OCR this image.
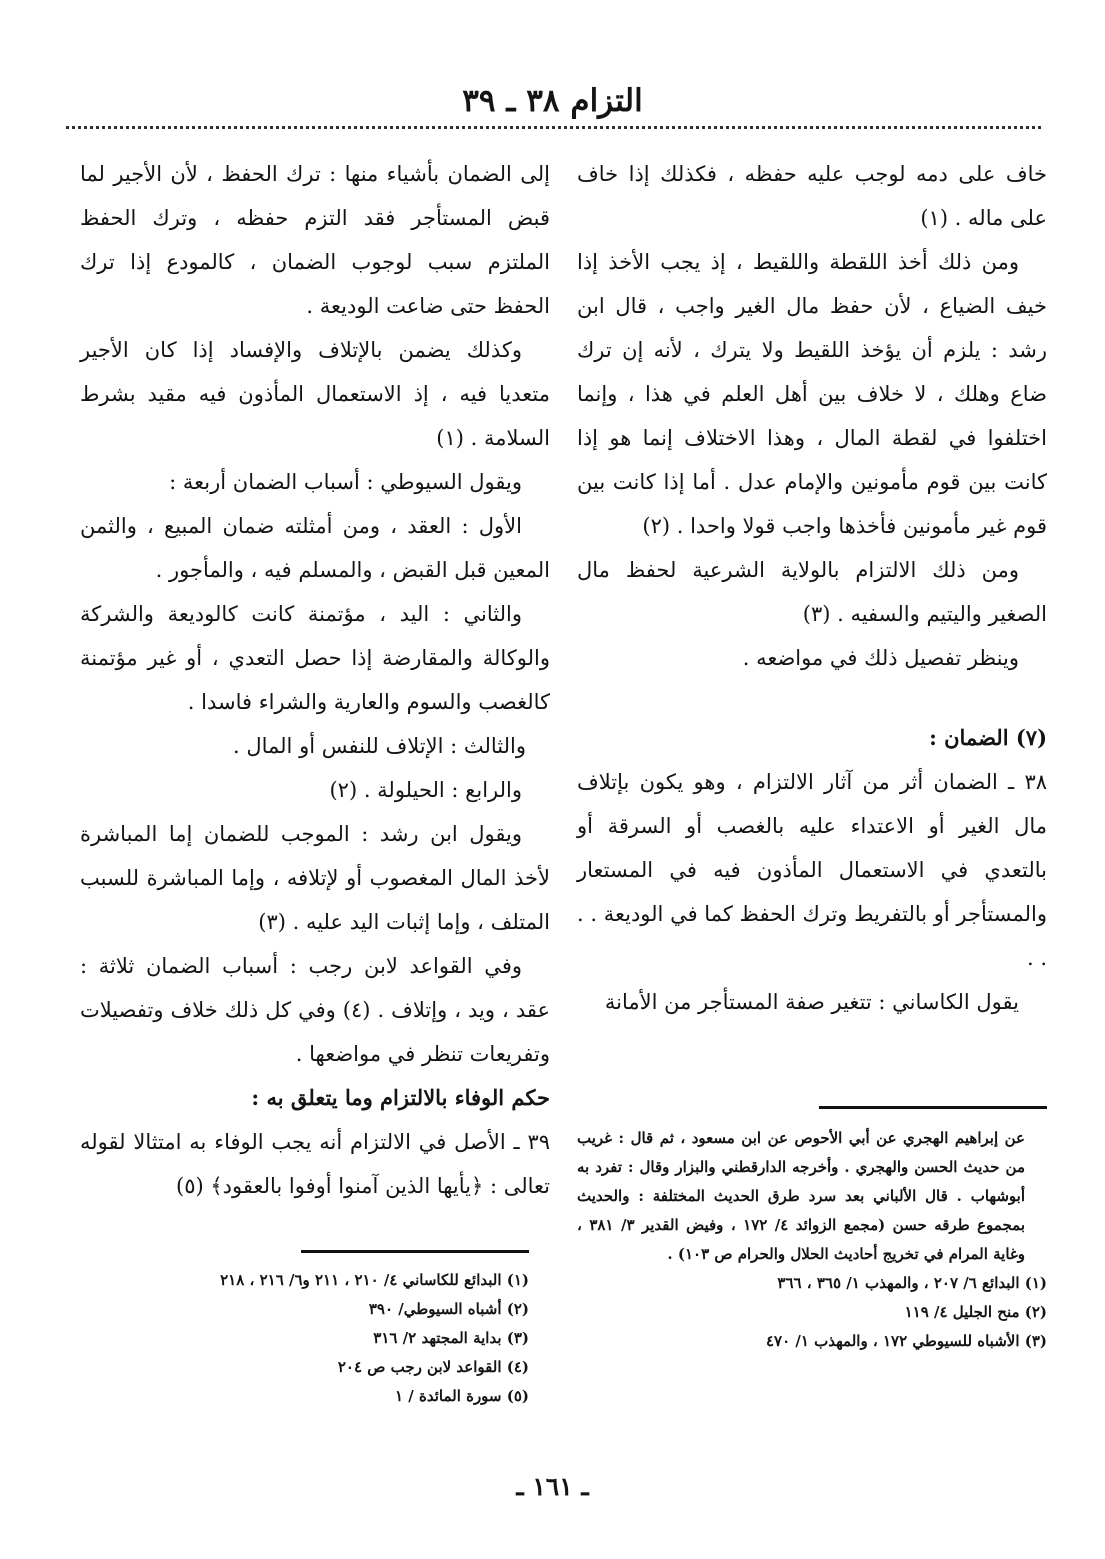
التزام ٣٨ ـ ٣٩

خاف على دمه لوجب عليه حفظه ، فكذلك إذا خاف على ماله . (١)

ومن ذلك أخذ اللقطة واللقيط ، إذ يجب الأخذ إذا خيف الضياع ، لأن حفظ مال الغير واجب ، قال ابن رشد : يلزم أن يؤخذ اللقيط ولا يترك ، لأنه إن ترك ضاع وهلك ، لا خلاف بين أهل العلم في هذا ، وإنما اختلفوا في لقطة المال ، وهذا الاختلاف إنما هو إذا كانت بين قوم مأمونين والإمام عدل . أما إذا كانت بين قوم غير مأمونين فأخذها واجب قولا واحدا . (٢)

ومن ذلك الالتزام بالولاية الشرعية لحفظ مال الصغير واليتيم والسفيه . (٣)

وينظر تفصيل ذلك في مواضعه .

(٧) الضمان :

٣٨ ـ الضمان أثر من آثار الالتزام ، وهو يكون بإتلاف مال الغير أو الاعتداء عليه بالغصب أو السرقة أو بالتعدي في الاستعمال المأذون فيه في المستعار والمستأجر أو بالتفريط وترك الحفظ كما في الوديعة . . . .

يقول الكاساني : تتغير صفة المستأجر من الأمانة

إلى الضمان بأشياء منها : ترك الحفظ ، لأن الأجير لما قبض المستأجر فقد التزم حفظه ، وترك الحفظ الملتزم سبب لوجوب الضمان ، كالمودع إذا ترك الحفظ حتى ضاعت الوديعة .

وكذلك يضمن بالإتلاف والإفساد إذا كان الأجير متعديا فيه ، إذ الاستعمال المأذون فيه مقيد بشرط السلامة . (١)

ويقول السيوطي : أسباب الضمان أربعة :

الأول : العقد ، ومن أمثلته ضمان المبيع ، والثمن المعين قبل القبض ، والمسلم فيه ، والمأجور .

والثاني : اليد ، مؤتمنة كانت كالوديعة والشركة والوكالة والمقارضة إذا حصل التعدي ، أو غير مؤتمنة كالغصب والسوم والعارية والشراء فاسدا .

والثالث : الإتلاف للنفس أو المال .

والرابع : الحيلولة . (٢)

ويقول ابن رشد : الموجب للضمان إما المباشرة لأخذ المال المغصوب أو لإتلافه ، وإما المباشرة للسبب المتلف ، وإما إثبات اليد عليه . (٣)

وفي القواعد لابن رجب : أسباب الضمان ثلاثة : عقد ، ويد ، وإتلاف . (٤) وفي كل ذلك خلاف وتفصيلات وتفريعات تنظر في مواضعها .

حكم الوفاء بالالتزام وما يتعلق به :

٣٩ ـ الأصل في الالتزام أنه يجب الوفاء به امتثالا لقوله تعالى : ﴿يأيها الذين آمنوا أوفوا بالعقود﴾ (٥)

عن إبراهيم الهجري عن أبي الأحوص عن ابن مسعود ، ثم قال : غريب من حديث الحسن والهجري . وأخرجه الدارقطني والبزار وقال : تفرد به أبوشهاب . قال الألباني بعد سرد طرق الحديث المختلفة : والحديث بمجموع طرقه حسن (مجمع الزوائد ٤/ ١٧٢ ، وفيض القدير ٣/ ٣٨١ ، وغاية المرام في تخريج أحاديث الحلال والحرام ص ١٠٣) .

(١) البدائع ٦/ ٢٠٧ ، والمهذب ١/ ٣٦٥ ، ٣٦٦

(٢) منح الجليل ٤/ ١١٩

(٣) الأشباه للسيوطي ١٧٢ ، والمهذب ١/ ٤٧٠

(١) البدائع للكاساني ٤/ ٢١٠ ، ٢١١ و٦/ ٢١٦ ، ٢١٨

(٢) أشباه السيوطي/ ٣٩٠

(٣) بداية المجتهد ٢/ ٣١٦

(٤) القواعد لابن رجب ص ٢٠٤

(٥) سورة المائدة / ١

ـ ١٦١ ـ
